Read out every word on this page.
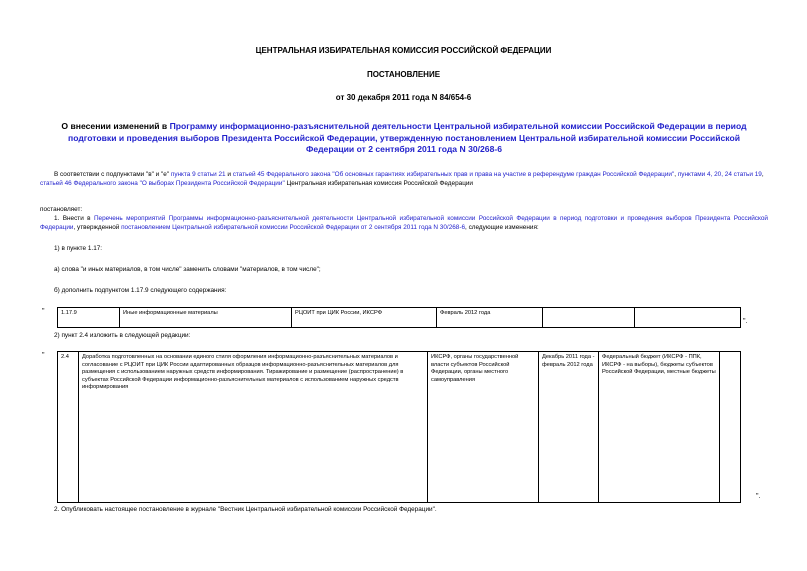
ЦЕНТРАЛЬНАЯ ИЗБИРАТЕЛЬНАЯ КОМИССИЯ РОССИЙСКОЙ ФЕДЕРАЦИИ
ПОСТАНОВЛЕНИЕ
от 30 декабря 2011 года N 84/654-6
О внесении изменений в Программу информационно-разъяснительной деятельности Центральной избирательной комиссии Российской Федерации в период подготовки и проведения выборов Президента Российской Федерации, утвержденную постановлением Центральной избирательной комиссии Российской Федерации от 2 сентября 2011 года N 30/268-6
В соответствии с подпунктами "в" и "е" пункта 9 статьи 21 и статьей 45 Федерального закона "Об основных гарантиях избирательных прав и права на участие в референдуме граждан Российской Федерации", пунктами 4, 20, 24 статьи 19, статьей 46 Федерального закона "О выборах Президента Российской Федерации" Центральная избирательная комиссия Российской Федерации
постановляет:
1. Внести в Перечень мероприятий Программы информационно-разъяснительной деятельности Центральной избирательной комиссии Российской Федерации в период подготовки и проведения выборов Президента Российской Федерации, утвержденной постановлением Центральной избирательной комиссии Российской Федерации от 2 сентября 2011 года N 30/268-6, следующие изменения:
1) в пункте 1.17:
а) слова "и иных материалов, в том числе" заменить словами "материалов, в том числе";
б) дополнить подпунктом 1.17.9 следующего содержания:
"	1.17.9	Иные информационные материалы	РЦОИТ при ЦИК России, ИКСРФ	Февраль 2012 года		
".
2) пункт 2.4 изложить в следующей редакции:
"	2.4	Доработка подготовленных на основании единого стиля оформления информационно-разъяснительных материалов и согласование с РЦОИТ при ЦИК России адаптированных образцов информационно-разъяснительных материалов для размещения с использованием наружных средств информирования. Тиражирование и размещение (распространение) в субъектах Российской Федерации информационно-разъяснительных материалов с использованием наружных средств информирования	ИКСРФ, органы государственной власти субъектов Российской Федерации, органы местного самоуправления	Декабрь 2011 года - февраль 2012 года	Федеральный бюджет (ИКСРФ - ППК, ИКСРФ - на выборы), бюджеты субъектов Российской Федерации, местные бюджеты	
".
2. Опубликовать настоящее постановление в журнале "Вестник Центральной избирательной комиссии Российской Федерации".
